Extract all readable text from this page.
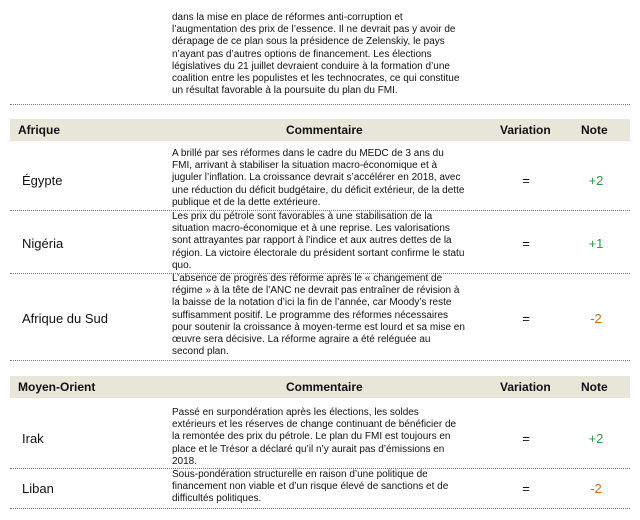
dans la mise en place de réformes anti-corruption et
l’augmentation des prix de l’essence. Il ne devrait pas y avoir de
dérapage de ce plan sous la présidence de Zelenskiy, le pays
n’ayant pas d’autres options de financement. Les élections
législatives du 21 juillet devraient conduire à la formation d’une
coalition entre les populistes et les technocrates, ce qui constitue
un résultat favorable à la poursuite du plan du FMI.
Afrique	Commentaire	Variation	Note
Égypte
A brillé par ses réformes dans le cadre du MEDC de 3 ans du
FMI, arrivant à stabiliser la situation macro-économique et à
juguler l’inflation. La croissance devrait s’accélérer en 2018, avec
une réduction du déficit budgétaire, du déficit extérieur, de la dette
publique et de la dette extérieure.
=	+2
Nigéria
Les prix du pétrole sont favorables à une stabilisation de la
situation macro-économique et à une reprise. Les valorisations
sont attrayantes par rapport à l’indice et aux autres dettes de la
région. La victoire électorale du président sortant confirme le statu
quo.
=	+1
Afrique du Sud
L’absence de progrès des réforme après le « changement de
régime » à la tête de l’ANC ne devrait pas entraîner de révision à
la baisse de la notation d’ici la fin de l’année, car Moody’s reste
suffisamment positif. Le programme des réformes nécessaires
pour soutenir la croissance à moyen-terme est lourd et sa mise en
œuvre sera décisive. La réforme agraire a été reléguée au
second plan.
=	-2
Moyen-Orient	Commentaire	Variation	Note
Irak
Passé en surpondération après les élections, les soldes
extérieurs et les réserves de change continuant de bénéficier de
la remontée des prix du pétrole. Le plan du FMI est toujours en
place et le Trésor a déclaré qu’il n’y aurait pas d’émissions en
2018.
=	+2
Liban
Sous-pondération structurelle en raison d’une politique de
financement non viable et d’un risque élevé de sanctions et de
difficultés politiques.
=	-2
